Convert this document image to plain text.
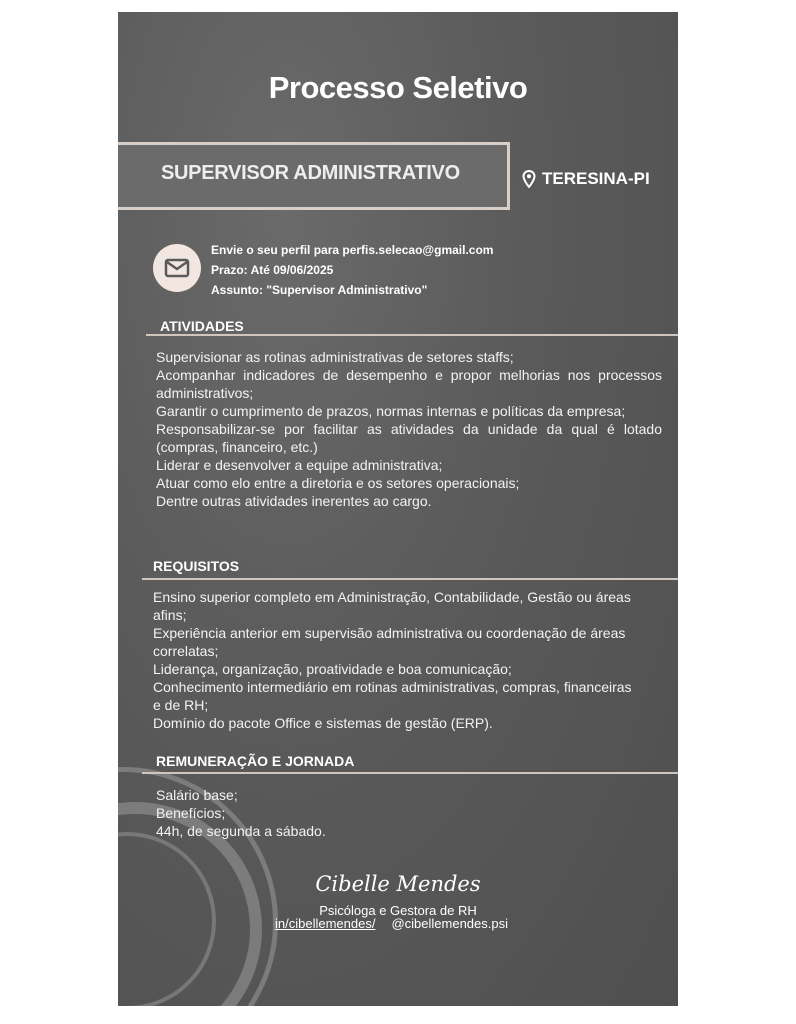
Processo Seletivo
SUPERVISOR ADMINISTRATIVO	TERESINA-PI
Envie o seu perfil para perfis.selecao@gmail.com
Prazo: Até 09/06/2025
Assunto: "Supervisor Administrativo"
ATIVIDADES
Supervisionar as rotinas administrativas de setores staffs;
Acompanhar indicadores de desempenho e propor melhorias nos processos administrativos;
Garantir o cumprimento de prazos, normas internas e políticas da empresa;
Responsabilizar-se por facilitar as atividades da unidade da qual é lotado (compras, financeiro, etc.)
Liderar e desenvolver a equipe administrativa;
Atuar como elo entre a diretoria e os setores operacionais;
Dentre outras atividades inerentes ao cargo.
REQUISITOS
Ensino superior completo em Administração, Contabilidade, Gestão ou áreas afins;
Experiência anterior em supervisão administrativa ou coordenação de áreas correlatas;
Liderança, organização, proatividade e boa comunicação;
Conhecimento intermediário em rotinas administrativas, compras, financeiras e de RH;
Domínio do pacote Office e sistemas de gestão (ERP).
REMUNERAÇÃO E JORNADA
Salário base;
Benefícios;
44h, de segunda a sábado.
Cibelle Mendes
Psicóloga e Gestora de RH
in/cibellemendes/ @cibellemendes.psi
